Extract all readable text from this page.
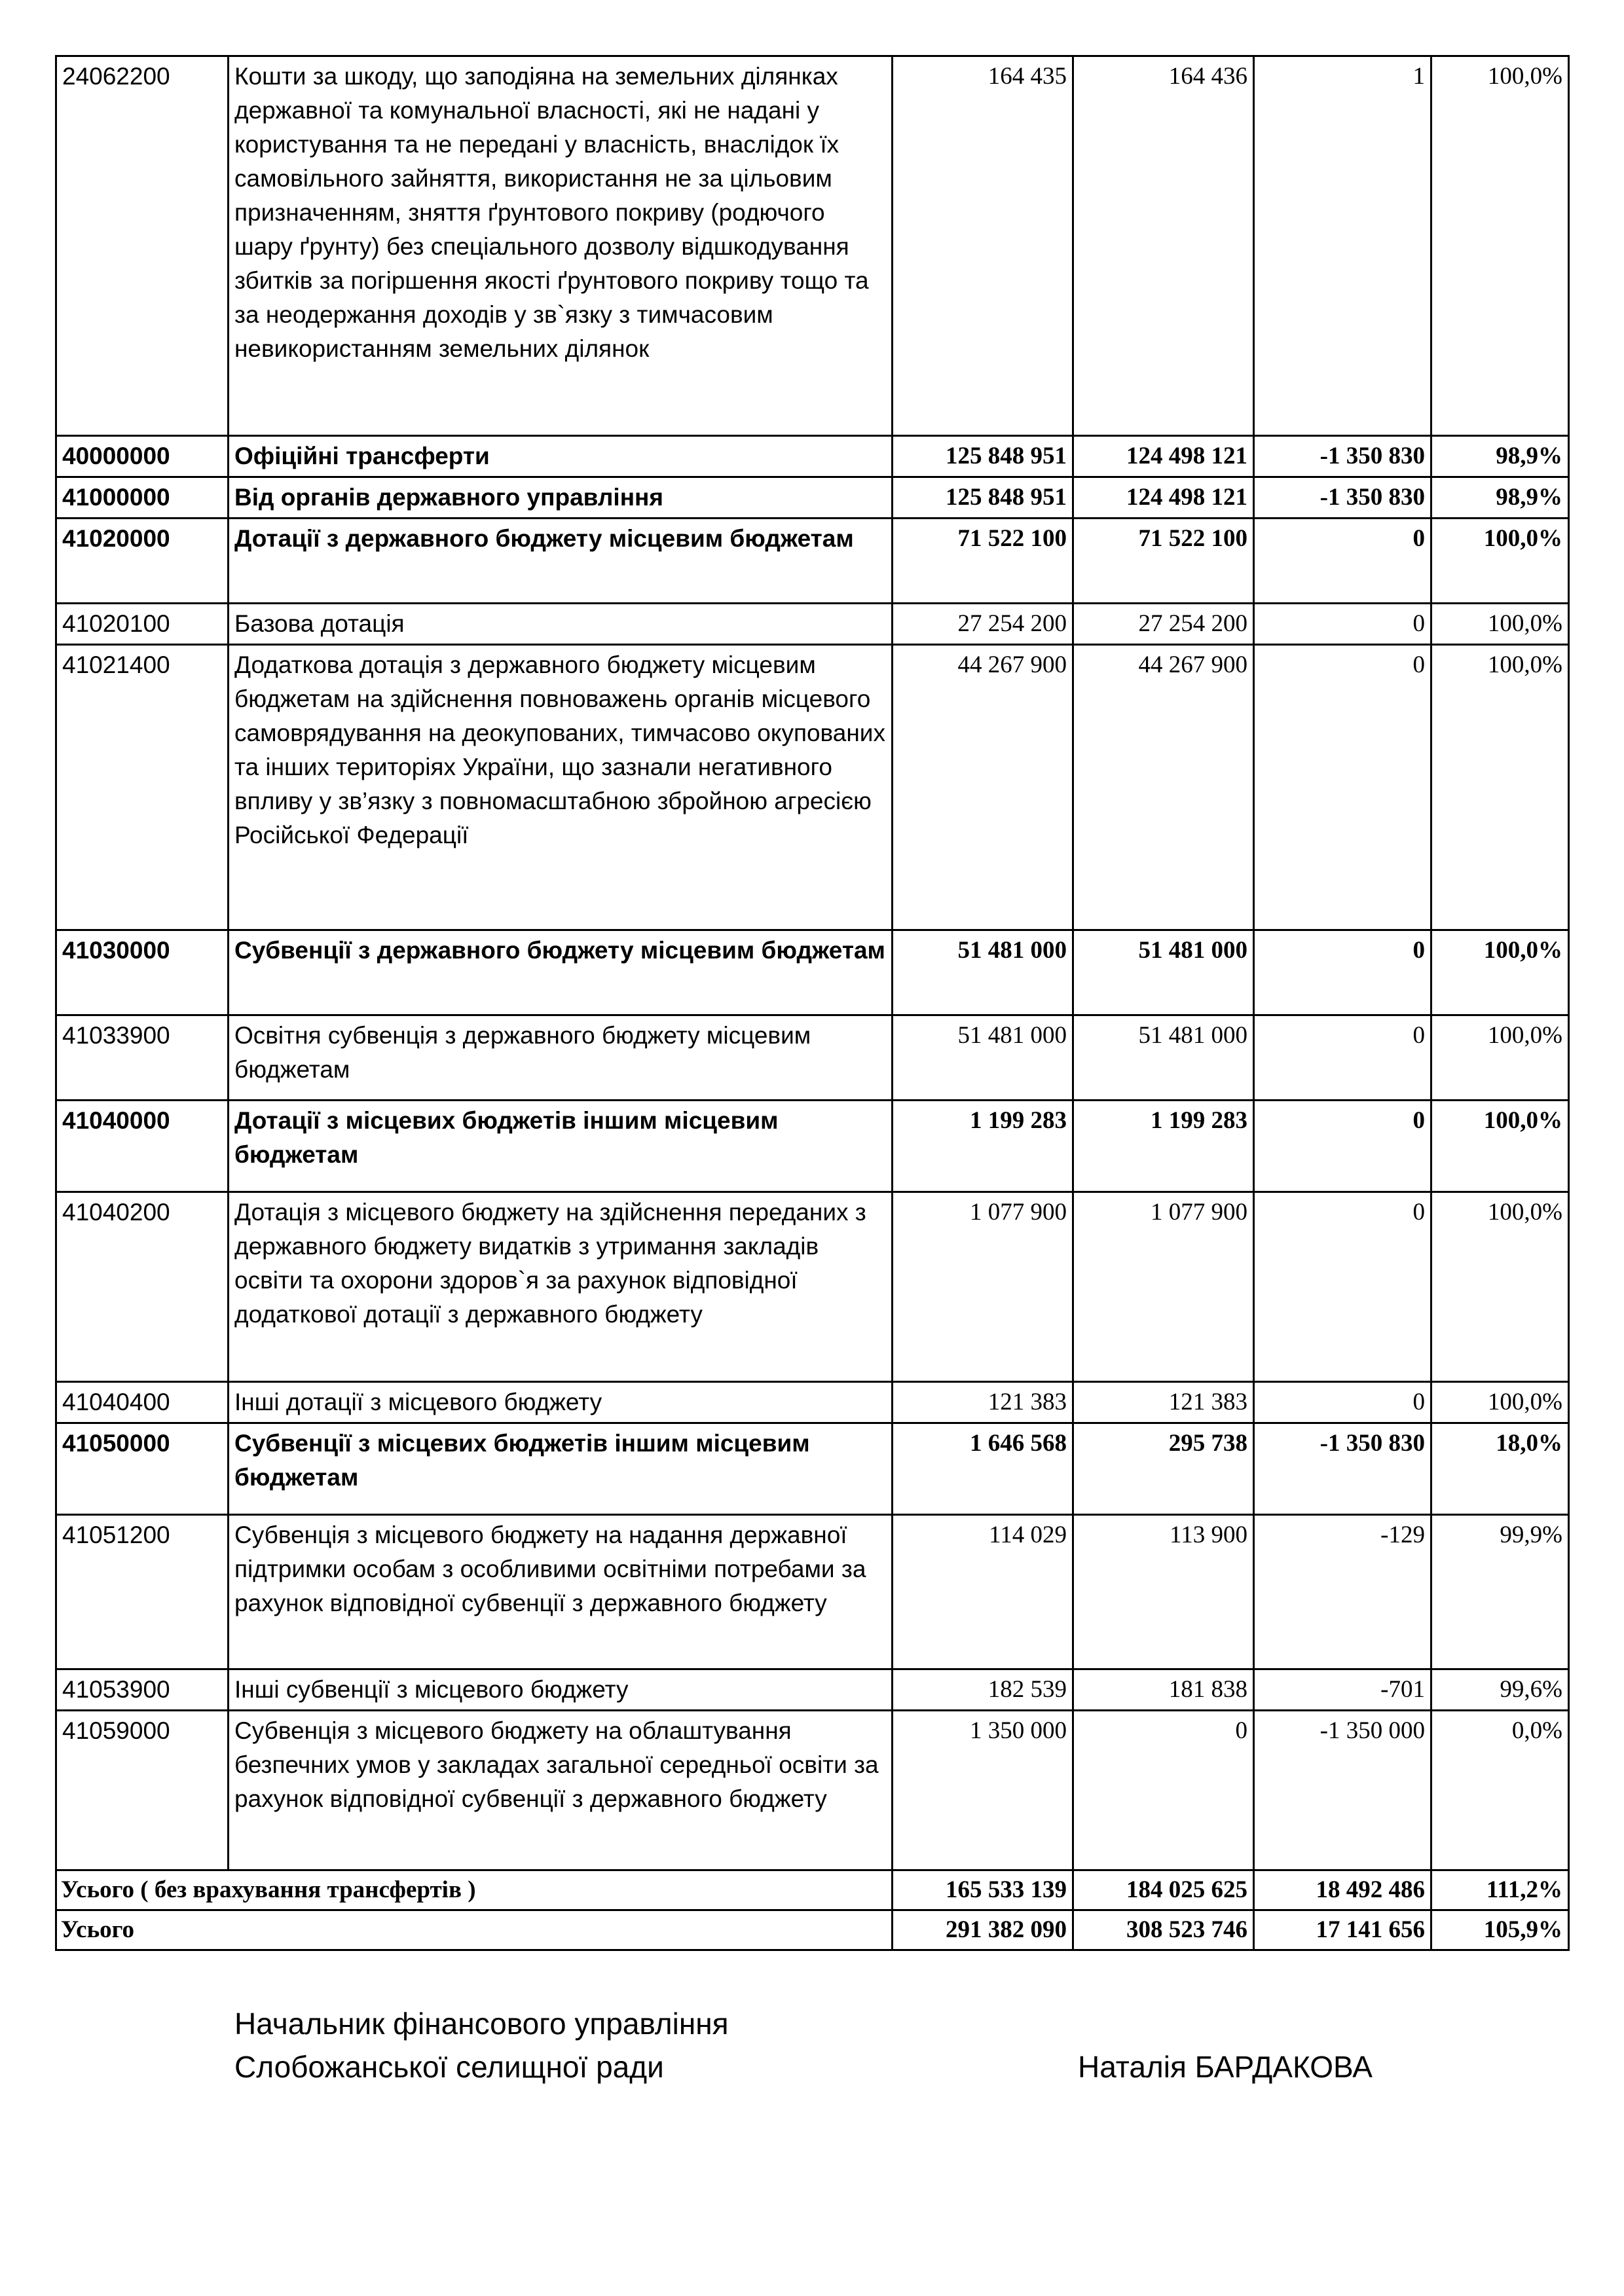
24062200	Кошти за шкоду, що заподіяна на земельних ділянках державної та комунальної власності, які не надані у користування та не передані у власність, внаслідок їх самовільного зайняття, використання не за цільовим призначенням, зняття ґрунтового покриву (родючого шару ґрунту) без спеціального дозволу відшкодування збитків за погіршення якості ґрунтового покриву тощо та за неодержання доходів у зв`язку з тимчасовим невикористанням земельних ділянок	164 435	164 436	1	100,0%
40000000	Офіційні трансферти	125 848 951	124 498 121	-1 350 830	98,9%
41000000	Від органів державного управління	125 848 951	124 498 121	-1 350 830	98,9%
41020000	Дотації з державного бюджету місцевим бюджетам	71 522 100	71 522 100	0	100,0%
41020100	Базова дотація	27 254 200	27 254 200	0	100,0%
41021400	Додаткова дотація з державного бюджету місцевим бюджетам на здійснення повноважень органів місцевого самоврядування на деокупованих, тимчасово окупованих та інших територіях України, що зазнали негативного впливу у зв’язку з повномасштабною збройною агресією Російської Федерації	44 267 900	44 267 900	0	100,0%
41030000	Субвенції з державного бюджету місцевим бюджетам	51 481 000	51 481 000	0	100,0%
41033900	Освітня субвенція з державного бюджету місцевим бюджетам	51 481 000	51 481 000	0	100,0%
41040000	Дотації з місцевих бюджетів іншим місцевим бюджетам	1 199 283	1 199 283	0	100,0%
41040200	Дотація з місцевого бюджету на здійснення переданих з державного бюджету видатків з утримання закладів освіти та охорони здоров`я за рахунок відповідної додаткової дотації з державного бюджету	1 077 900	1 077 900	0	100,0%
41040400	Інші дотації з місцевого бюджету	121 383	121 383	0	100,0%
41050000	Субвенції з місцевих бюджетів іншим місцевим бюджетам	1 646 568	295 738	-1 350 830	18,0%
41051200	Субвенція з місцевого бюджету на надання державної підтримки особам з особливими освітніми потребами за рахунок відповідної субвенції з державного бюджету	114 029	113 900	-129	99,9%
41053900	Інші субвенції з місцевого бюджету	182 539	181 838	-701	99,6%
41059000	Субвенція з місцевого бюджету на облаштування безпечних умов у закладах загальної середньої освіти за рахунок відповідної субвенції з державного бюджету	1 350 000	0	-1 350 000	0,0%
Усього ( без врахування трансфертів )		165 533 139	184 025 625	18 492 486	111,2%
Усього		291 382 090	308 523 746	17 141 656	105,9%
Начальник фінансового управління
Слобожанської селищної ради	Наталія БАРДАКОВА
